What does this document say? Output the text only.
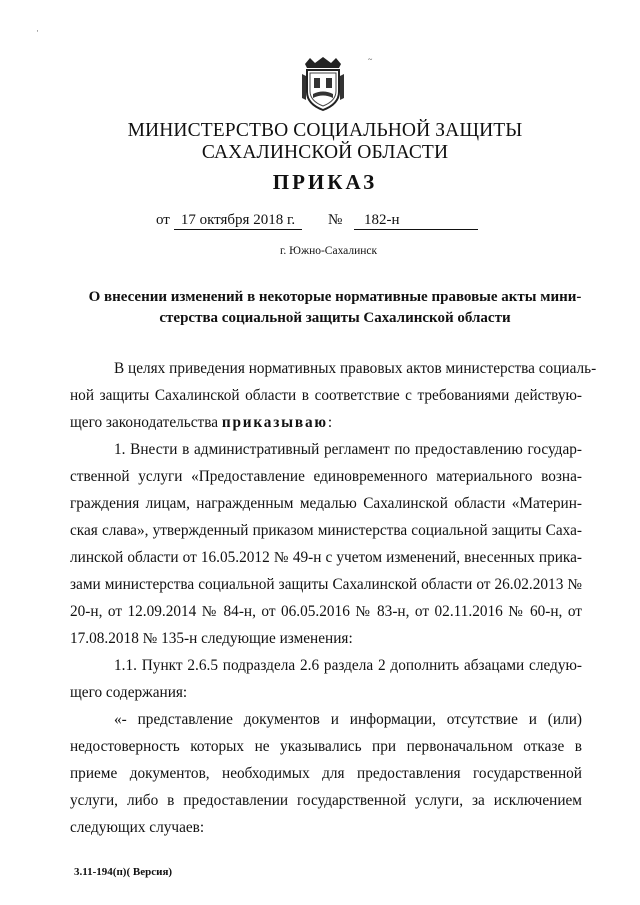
·
~
МИНИСТЕРСТВО СОЦИАЛЬНОЙ ЗАЩИТЫ
САХАЛИНСКОЙ ОБЛАСТИ
ПРИКАЗ
от 17 октября 2018 г.	№	182-н
г. Южно-Сахалинск
О внесении изменений в некоторые нормативные правовые акты мини-
стерства социальной защиты Сахалинской области
В целях приведения нормативных правовых актов министерства социаль-
ной защиты Сахалинской области в соответствие с требованиями действую-
щего законодательства приказываю:
1. Внести в административный регламент по предоставлению государ-
ственной услуги «Предоставление единовременного материального возна-
граждения лицам, награжденным медалью Сахалинской области «Материн-
ская слава», утвержденный приказом министерства социальной защиты Саха-
линской области от 16.05.2012 № 49-н с учетом изменений, внесенных прика-
зами министерства социальной защиты Сахалинской области от 26.02.2013 №
20-н, от 12.09.2014 № 84-н, от 06.05.2016 № 83-н, от 02.11.2016 № 60-н, от
17.08.2018 № 135-н следующие изменения:
1.1. Пункт 2.6.5 подраздела 2.6 раздела 2 дополнить абзацами следую-
щего содержания:
«- представление документов и информации, отсутствие и (или)
недостоверность которых не указывались при первоначальном отказе в
приеме документов, необходимых для предоставления государственной
услуги, либо в предоставлении государственной услуги, за исключением
следующих случаев:
3.11-194(п)( Версия)
